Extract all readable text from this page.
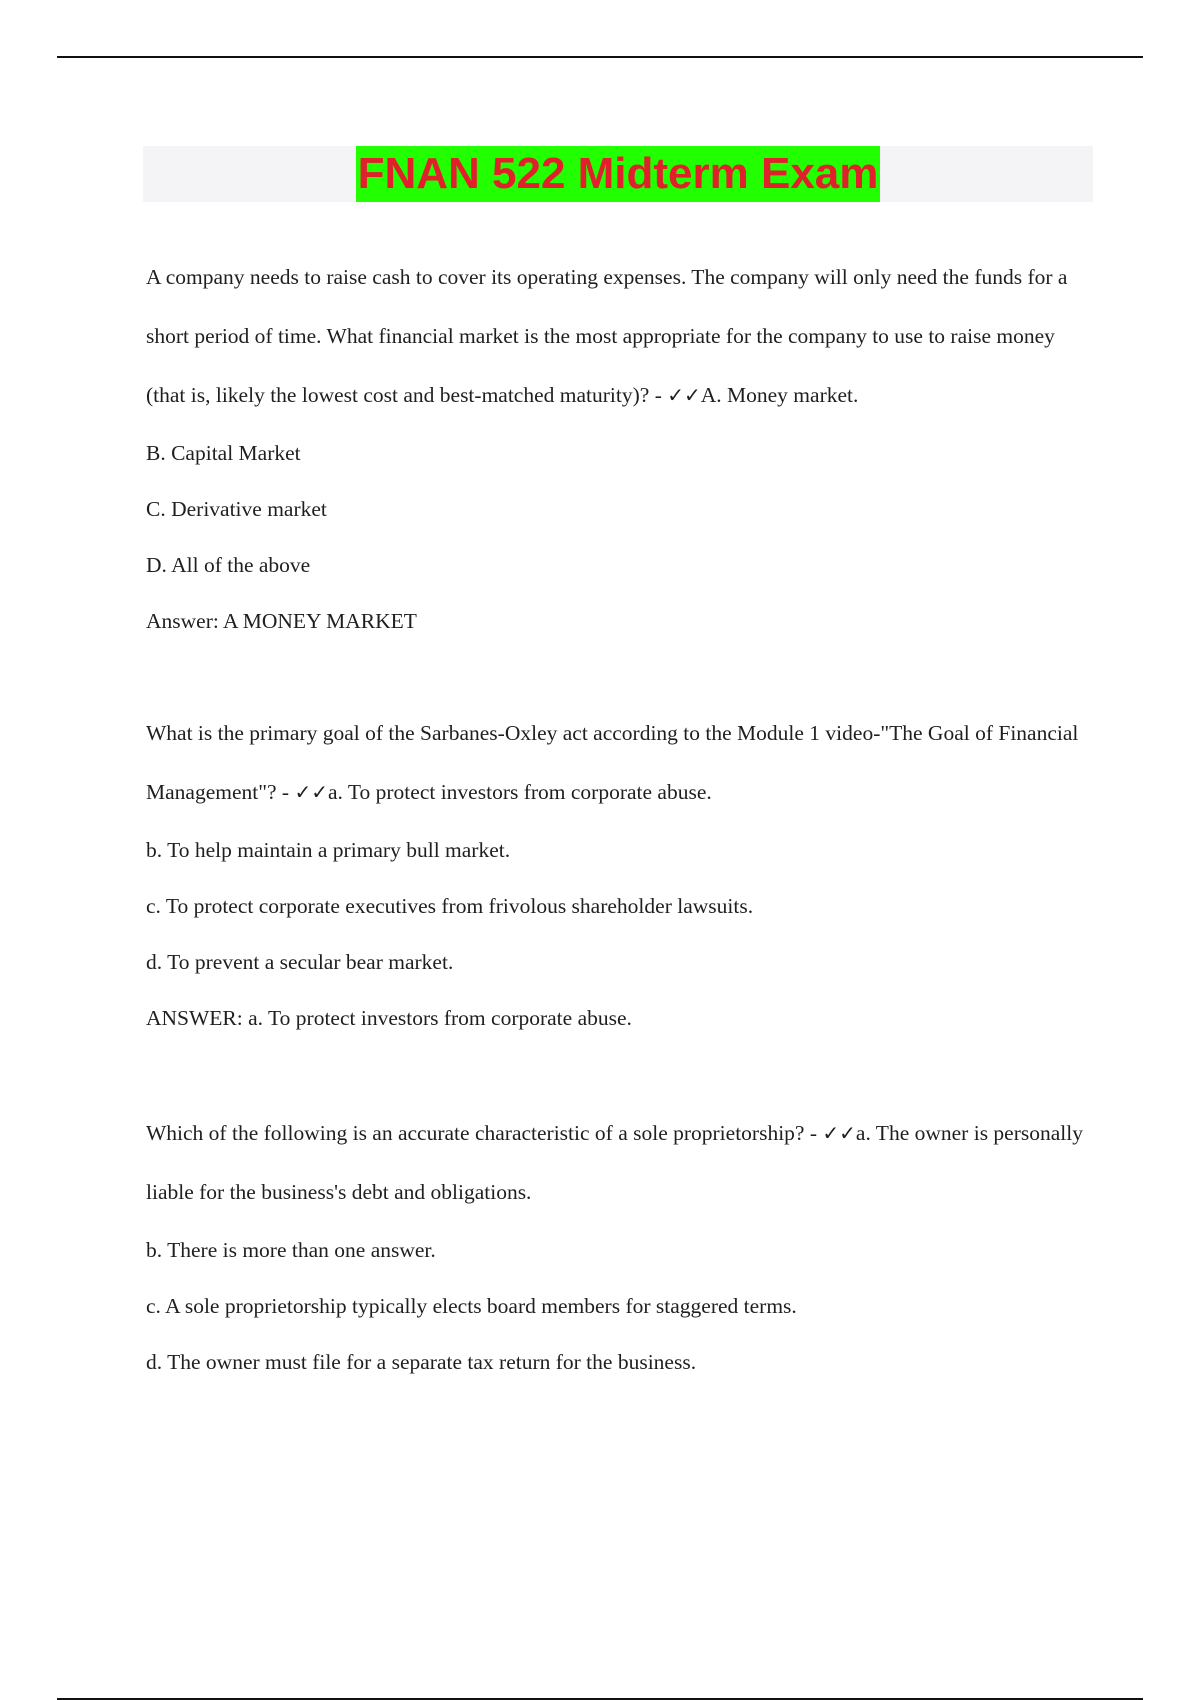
FNAN 522 Midterm Exam

A company needs to raise cash to cover its operating expenses. The company will only need the funds for a short period of time. What financial market is the most appropriate for the company to use to raise money (that is, likely the lowest cost and best-matched maturity)? - ✓✓A. Money market.

B. Capital Market

C. Derivative market

D. All of the above

Answer: A MONEY MARKET

What is the primary goal of the Sarbanes-Oxley act according to the Module 1 video-"The Goal of Financial Management"? - ✓✓a. To protect investors from corporate abuse.

b. To help maintain a primary bull market.

c. To protect corporate executives from frivolous shareholder lawsuits.

d. To prevent a secular bear market.

ANSWER: a. To protect investors from corporate abuse.

Which of the following is an accurate characteristic of a sole proprietorship? - ✓✓a. The owner is personally liable for the business's debt and obligations.

b. There is more than one answer.

c. A sole proprietorship typically elects board members for staggered terms.

d. The owner must file for a separate tax return for the business.
